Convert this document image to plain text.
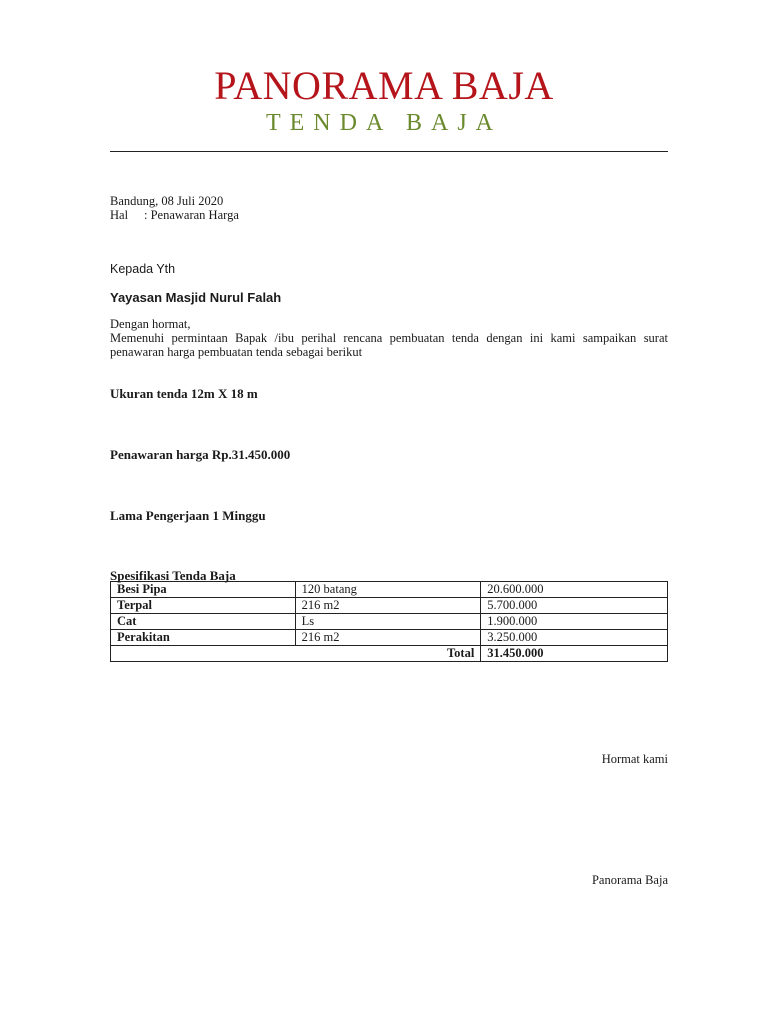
PANORAMA BAJA
TENDA BAJA
Bandung, 08 Juli 2020
Hal : Penawaran Harga
Kepada Yth
Yayasan Masjid Nurul Falah
Dengan hormat,
Memenuhi permintaan Bapak /ibu perihal rencana pembuatan tenda dengan ini kami sampaikan surat penawaran harga pembuatan tenda sebagai berikut
Ukuran tenda 12m X 18 m
Penawaran harga Rp.31.450.000
Lama Pengerjaan 1 Minggu
Spesifikasi Tenda Baja
Besi Pipa	120 batang	20.600.000
Terpal	216 m2	5.700.000
Cat	Ls	1.900.000
Perakitan	216 m2	3.250.000
Total		31.450.000
Hormat kami
Panorama Baja
